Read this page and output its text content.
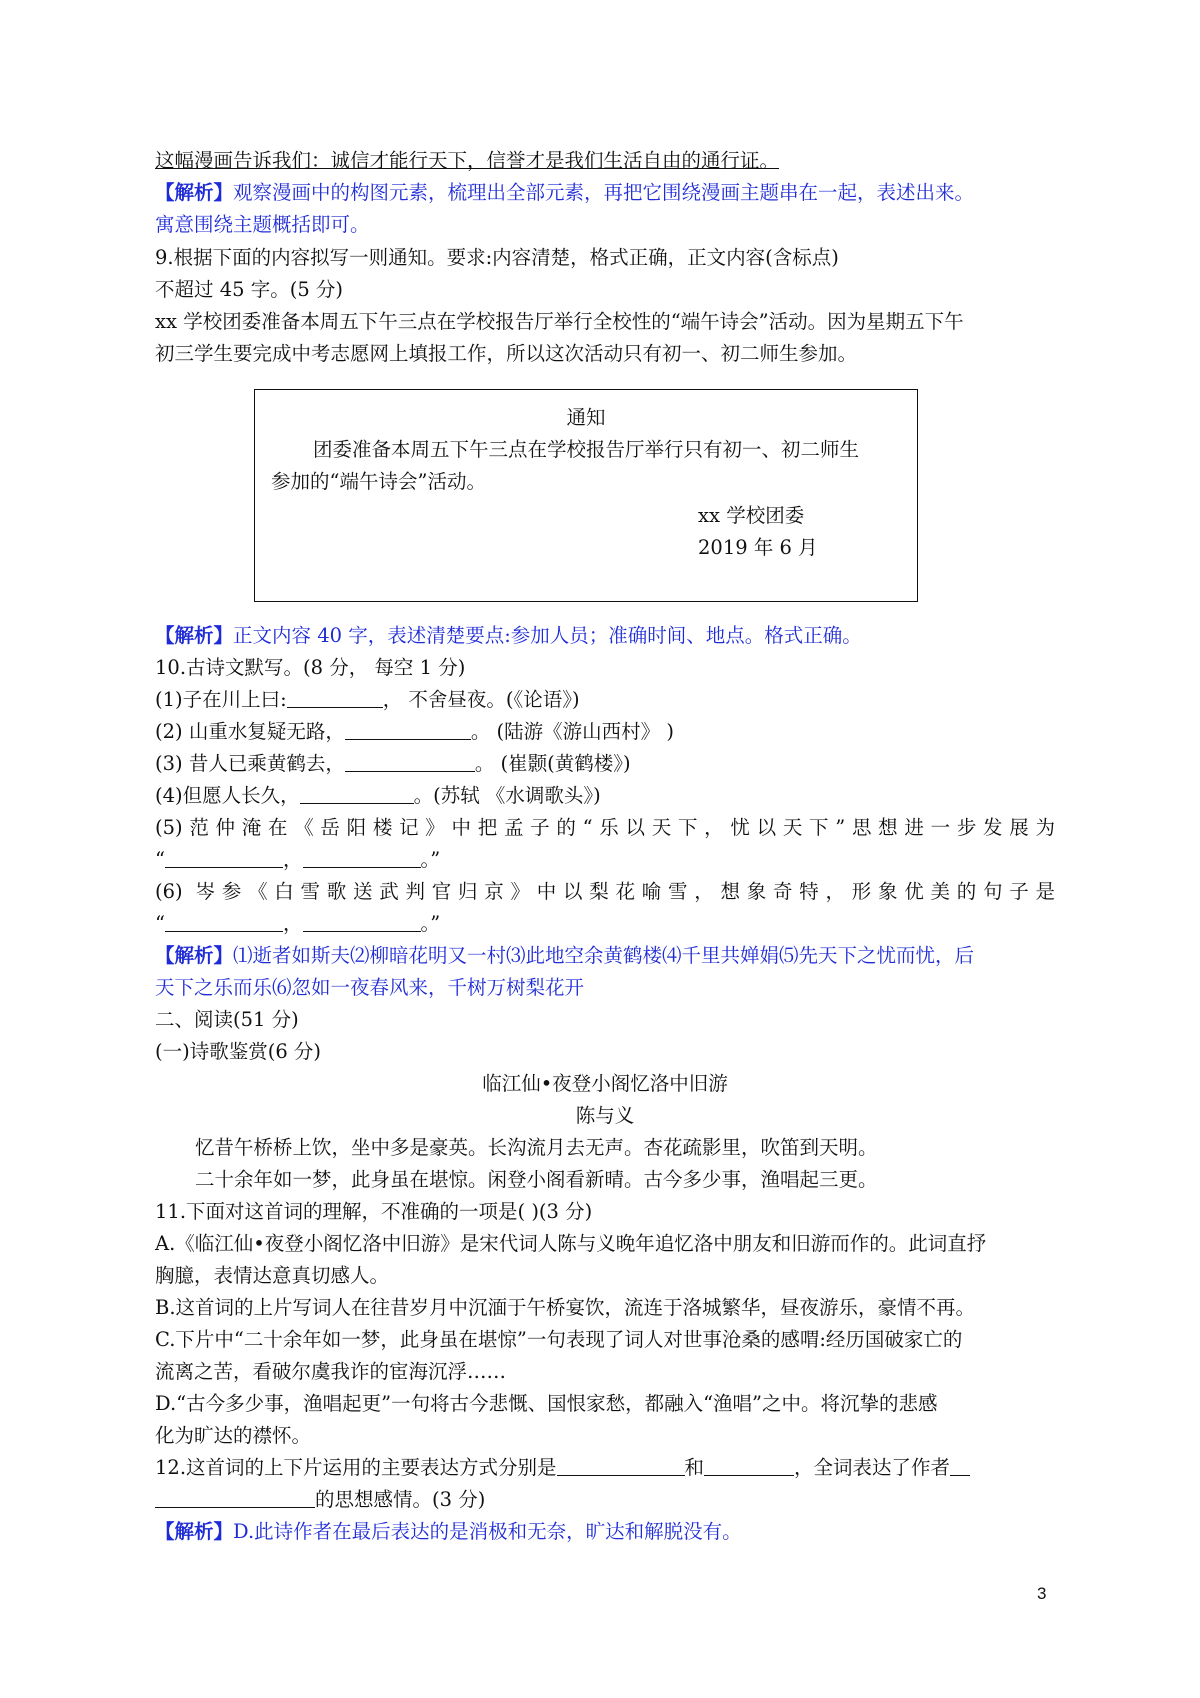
这幅漫画告诉我们：诚信才能行天下，信誉才是我们生活自由的通行证。
【解析】观察漫画中的构图元素，梳理出全部元素，再把它围绕漫画主题串在一起，表述出来。
寓意围绕主题概括即可。
9.根据下面的内容拟写一则通知。要求:内容清楚，格式正确，正文内容(含标点)
不超过 45 字。(5 分)
xx 学校团委准备本周五下午三点在学校报告厅举行全校性的“端午诗会”活动。因为星期五下午
初三学生要完成中考志愿网上填报工作，所以这次活动只有初一、初二师生参加。
通知
团委准备本周五下午三点在学校报告厅举行只有初一、初二师生
参加的“端午诗会”活动。
xx 学校团委
2019 年 6 月
【解析】正文内容 40 字，表述清楚要点:参加人员；准确时间、地点。格式正确。
10.古诗文默写。(8 分， 每空 1 分)
(1)子在川上曰:	， 不舍昼夜。(《论语》)
(2) 山重水复疑无路，	。 (陆游《游山西村》 )
(3) 昔人已乘黄鹤去，	。 (崔颢(黄鹤楼》)
(4)但愿人长久，	。(苏轼 《水调歌头》)
(5)范仲淹在《岳阳楼记》中把孟子的“乐以天下，忧以天下”思想进一步发展为
“	，	。”
(6) 岑参《白雪歌送武判官归京》中以梨花喻雪，想象奇特，形象优美的句子是
“	，	。”
【解析】⑴逝者如斯夫⑵柳暗花明又一村⑶此地空余黄鹤楼⑷千里共婵娟⑸先天下之忧而忧，后
天下之乐而乐⑹忽如一夜春风来，千树万树梨花开
二、阅读(51 分)
(一)诗歌鉴赏(6 分)
临江仙•夜登小阁忆洛中旧游
陈与义
忆昔午桥桥上饮，坐中多是豪英。长沟流月去无声。杏花疏影里，吹笛到天明。
二十余年如一梦，此身虽在堪惊。闲登小阁看新晴。古今多少事，渔唱起三更。
11.下面对这首词的理解，不准确的一项是( )(3 分)
A.《临江仙•夜登小阁忆洛中旧游》是宋代词人陈与义晚年追忆洛中朋友和旧游而作的。此词直抒
胸臆，表情达意真切感人。
B.这首词的上片写词人在往昔岁月中沉湎于午桥宴饮，流连于洛城繁华，昼夜游乐，豪情不再。
C.下片中“二十余年如一梦，此身虽在堪惊”一句表现了词人对世事沧桑的感喟:经历国破家亡的
流离之苦，看破尔虞我诈的宦海沉浮……
D.“古今多少事，渔唱起更”一句将古今悲慨、国恨家愁，都融入“渔唱”之中。将沉挚的悲感
化为旷达的襟怀。
12.这首词的上下片运用的主要表达方式分别是	和	，全词表达了作者
的思想感情。(3 分)
【解析】D.此诗作者在最后表达的是消极和无奈，旷达和解脱没有。
3
